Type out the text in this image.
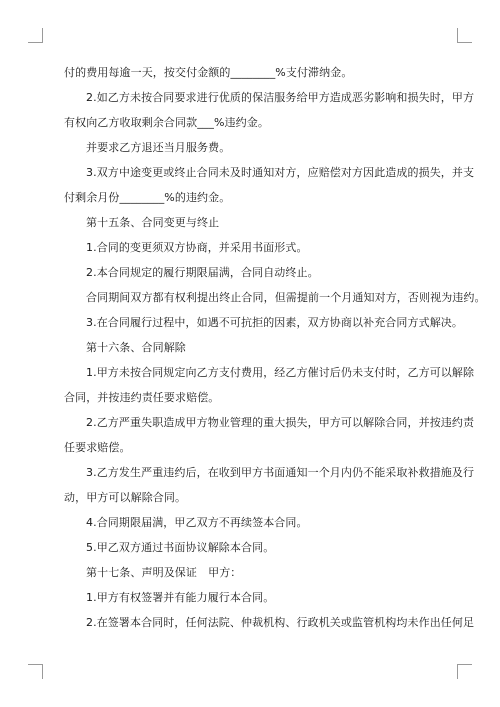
付的费用每逾一天，按交付金额的________%支付滞纳金。
2.如乙方未按合同要求进行优质的保洁服务给甲方造成恶劣影响和损失时，甲方
有权向乙方收取剩余合同款___%违约金。
并要求乙方退还当月服务费。
3.双方中途变更或终止合同未及时通知对方，应赔偿对方因此造成的损失，并支
付剩余月份________%的违约金。
第十五条、合同变更与终止
1.合同的变更须双方协商，并采用书面形式。
2.本合同规定的履行期限届满，合同自动终止。
合同期间双方都有权利提出终止合同，但需提前一个月通知对方，否则视为违约。
3.在合同履行过程中，如遇不可抗拒的因素，双方协商以补充合同方式解决。
第十六条、合同解除
1.甲方未按合同规定向乙方支付费用，经乙方催讨后仍未支付时，乙方可以解除
合同，并按违约责任要求赔偿。
2.乙方严重失职造成甲方物业管理的重大损失，甲方可以解除合同，并按违约责
任要求赔偿。
3.乙方发生严重违约后，在收到甲方书面通知一个月内仍不能采取补救措施及行
动，甲方可以解除合同。
4.合同期限届满，甲乙双方不再续签本合同。
5.甲乙双方通过书面协议解除本合同。
第十七条、声明及保证　甲方：
1.甲方有权签署并有能力履行本合同。
2.在签署本合同时，任何法院、仲裁机构、行政机关或监管机构均未作出任何足
